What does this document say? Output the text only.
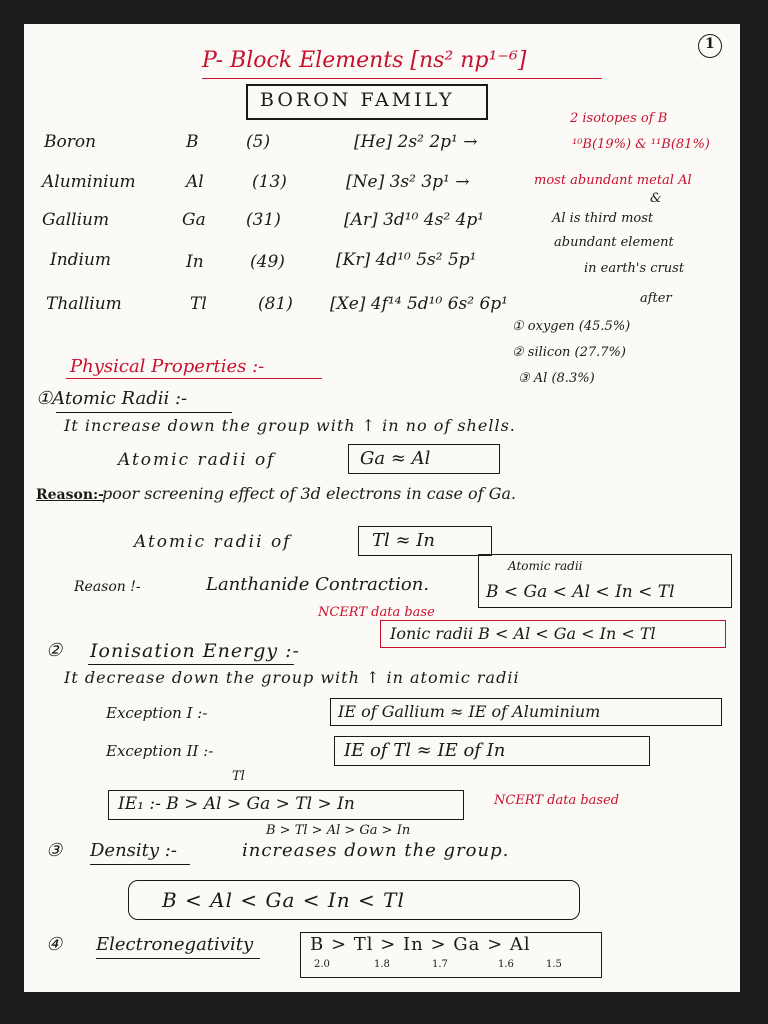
1
P- Block Elements [ns² np¹⁻⁶]
BORON FAMILY
Boron	B	(5)	[He] 2s² 2p¹ →
Aluminium	Al	(13)	[Ne] 3s² 3p¹ →
Gallium	Ga (31)	[Ar] 3d¹⁰ 4s² 4p¹
Indium	In	(49)	[Kr] 4d¹⁰ 5s² 5p¹
Thallium	Tl	(81) [Xe] 4f¹⁴ 5d¹⁰ 6s² 6p¹
2 isotopes of B
¹⁰B(19%) & ¹¹B(81%)
most abundant metal Al
&
Al is third most
abundant element
in earth's crust
after
① oxygen (45.5%)
② silicon (27.7%)
③ Al (8.3%)
Physical Properties :-
①Atomic Radii :-
It increase down the group with ↑ in no of shells.
Atomic radii of	Ga ≈ Al
Reason:-
poor screening effect of 3d electrons in case of Ga.
Atomic radii of	Tl ≈ In
Reason !-	Lanthanide Contraction.
Atomic radii
B < Ga < Al < In < Tl
NCERT data base
Ionic radii B < Al < Ga < In < Tl
② Ionisation Energy :-
It decrease down the group with ↑ in atomic radii
Exception I :-	IE of Gallium ≈ IE of Aluminium
Exception II :-	IE of Tl ≈ IE of In
Tl
IE₁ :- B > Al > Ga > Tl > In	NCERT data based
B > Tl > Al > Ga > In
③ Density :-	increases down the group.
B < Al < Ga < In < Tl
④ Electronegativity	B > Tl > In > Ga > Al
2.0	1.8	1.7	1.6	1.5
